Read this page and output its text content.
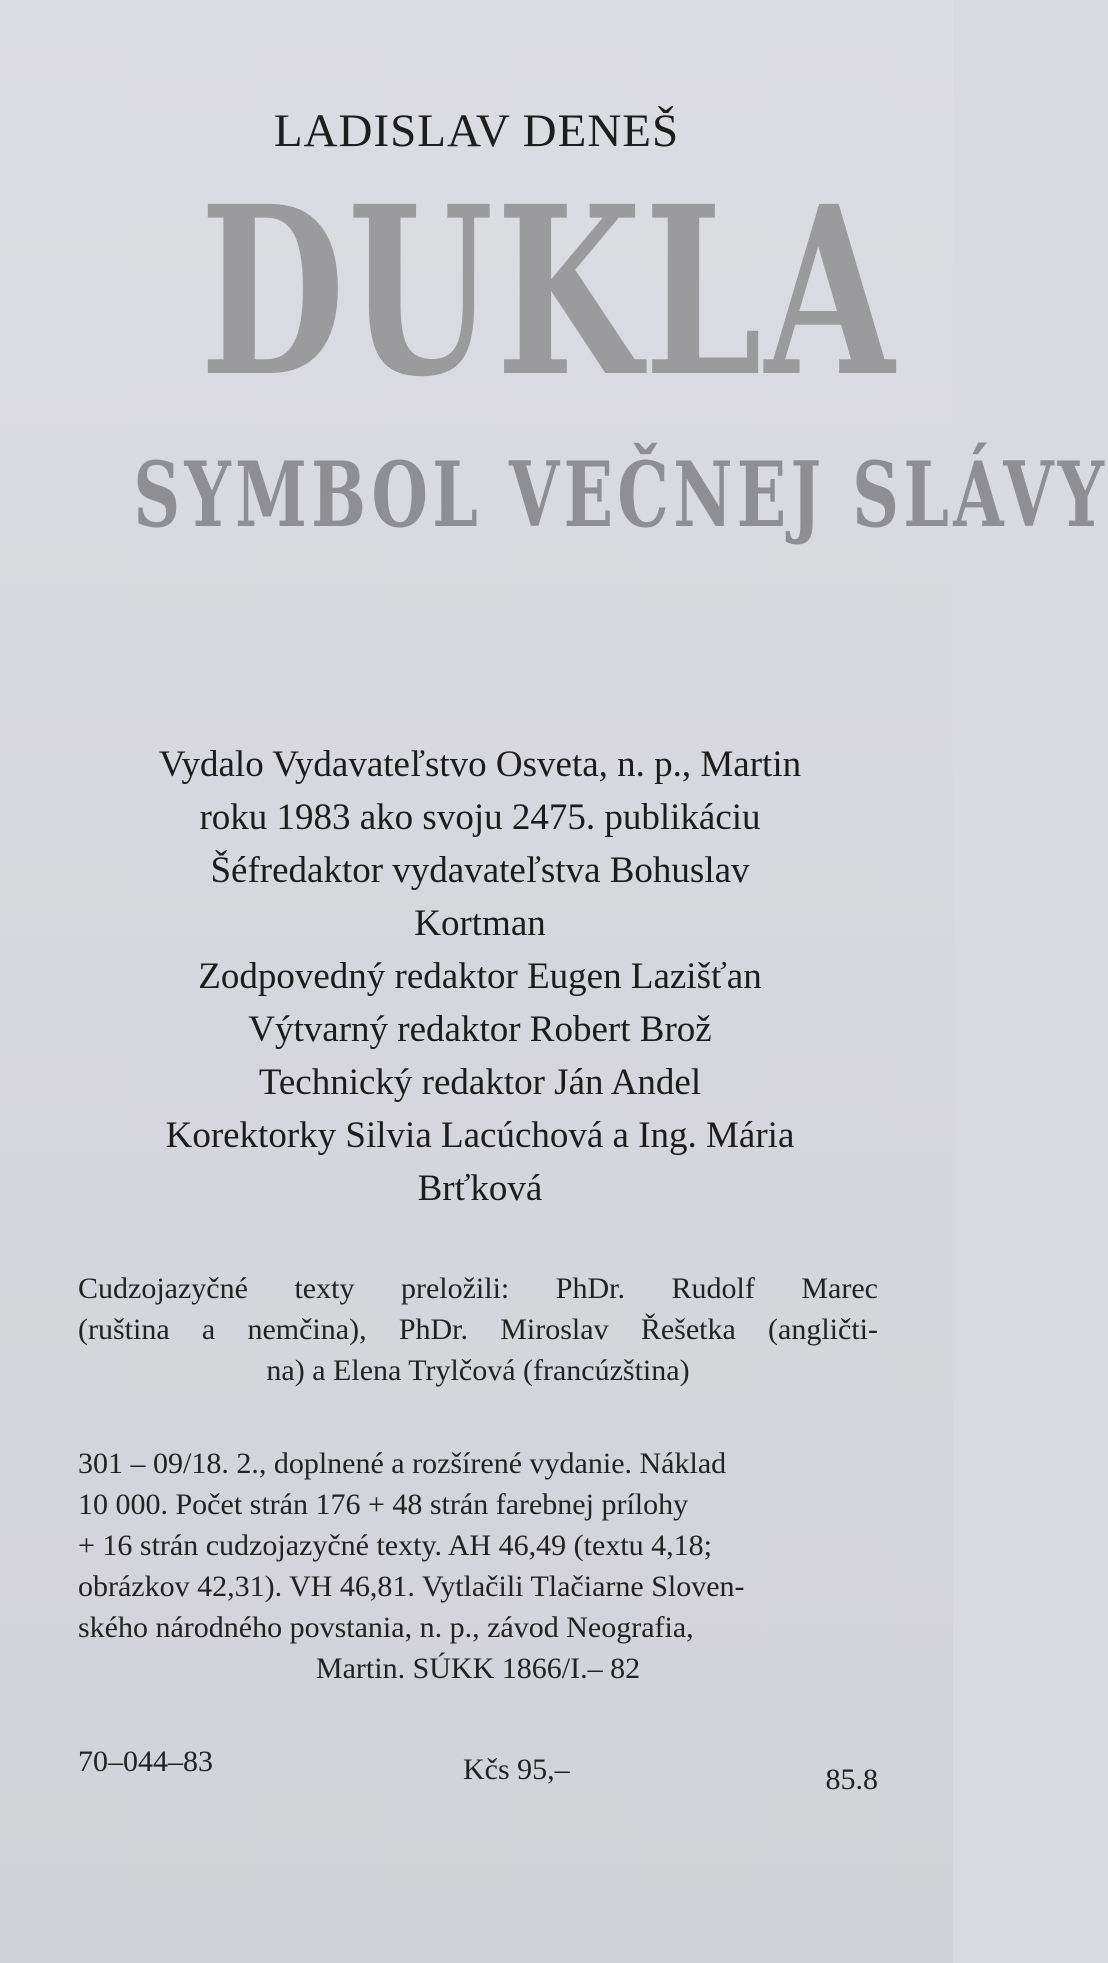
LADISLAV DENEŠ
DUKLA
SYMBOL VEČNEJ SLÁVY
Vydalo Vydavateľstvo Osveta, n. p., Martin
roku 1983 ako svoju 2475. publikáciu
Šéfredaktor vydavateľstva Bohuslav
Kortman
Zodpovedný redaktor Eugen Lazišťan
Výtvarný redaktor Robert Brož
Technický redaktor Ján Andel
Korektorky Silvia Lacúchová a Ing. Mária
Brťková
Cudzojazyčné texty preložili: PhDr. Rudolf Marec
(ruština a nemčina), PhDr. Miroslav Řešetka (angličti-
na) a Elena Trylčová (francúzština)
301 – 09/18. 2., doplnené a rozšírené vydanie. Náklad
10 000. Počet strán 176 + 48 strán farebnej prílohy
+ 16 strán cudzojazyčné texty. AH 46,49 (textu 4,18;
obrázkov 42,31). VH 46,81. Vytlačili Tlačiarne Sloven-
ského národného povstania, n. p., závod Neografia,
Martin. SÚKK 1866/I.– 82
70–044–83	Kčs 95,–	85.8
